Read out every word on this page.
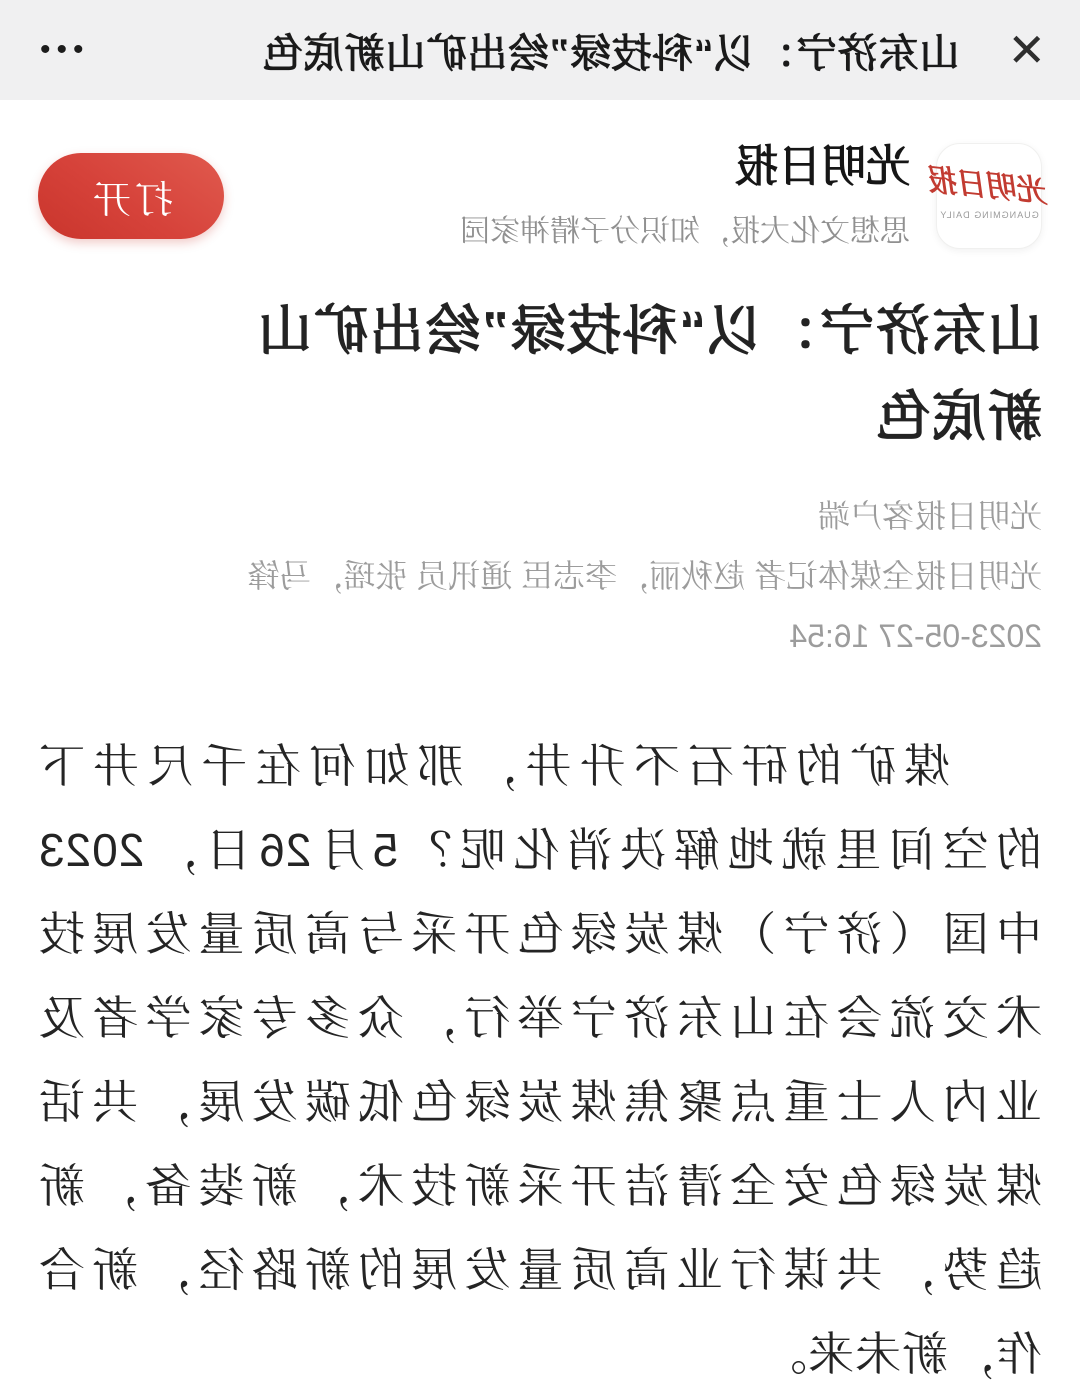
✕
山东济宁：以“科技绿”绘出矿山新底色
•••
光明日报
GUANGMING DAILY
光明日报
思想文化大报，知识分子精神家园
打开
山东济宁：以“科技绿”绘出矿山
新底色
光明日报客户端
光明日报全媒体记者 赵秋丽，李志臣 通讯员 张瑶，马锋
2023-05-27 16:54
煤矿的矸石不升井，那如何在千尺井下
的空间里就地解决消化呢？5月26日，2023
中国（济宁）煤炭绿色开采与高质量发展技
术交流会在山东济宁举行，众多专家学者及
业内人士重点聚焦煤炭绿色低碳发展，共话
煤炭绿色安全清洁开采新技术，新装备，新
趋势，共谋行业高质量发展的新路径，新合
作，新未来。
